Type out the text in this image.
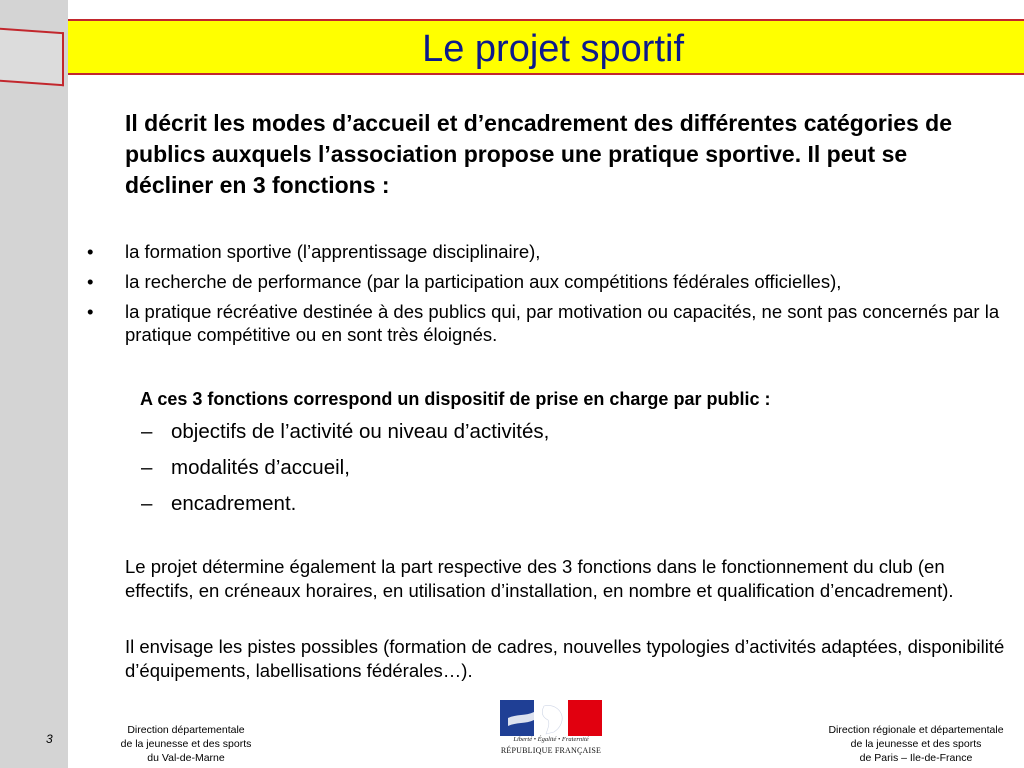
Le projet sportif
Il décrit les modes d’accueil et d’encadrement des différentes catégories de publics auxquels l’association propose une pratique sportive. Il peut se décliner en 3 fonctions :
• la formation sportive (l’apprentissage disciplinaire),
• la recherche de performance (par la participation aux compétitions fédérales officielles),
• la pratique récréative destinée à des publics qui, par motivation ou capacités, ne sont pas concernés par la pratique compétitive ou en sont très éloignés.
A ces 3 fonctions correspond un dispositif de prise en charge par public :
– objectifs de l’activité ou niveau d’activités,
– modalités d’accueil,
– encadrement.
Le projet détermine également la part respective des 3 fonctions dans le fonctionnement du club (en effectifs, en créneaux horaires, en utilisation d’installation, en nombre et qualification d’encadrement).
Il envisage les pistes possibles (formation de cadres, nouvelles typologies d’activités adaptées, disponibilité d’équipements, labellisations fédérales…).
3
Direction départementale
de la jeunesse et des sports
du Val-de-Marne
Liberté • Égalité • Fraternité
RÉPUBLIQUE FRANÇAISE
Direction régionale et départementale
de la jeunesse et des sports
de Paris – Ile-de-France
